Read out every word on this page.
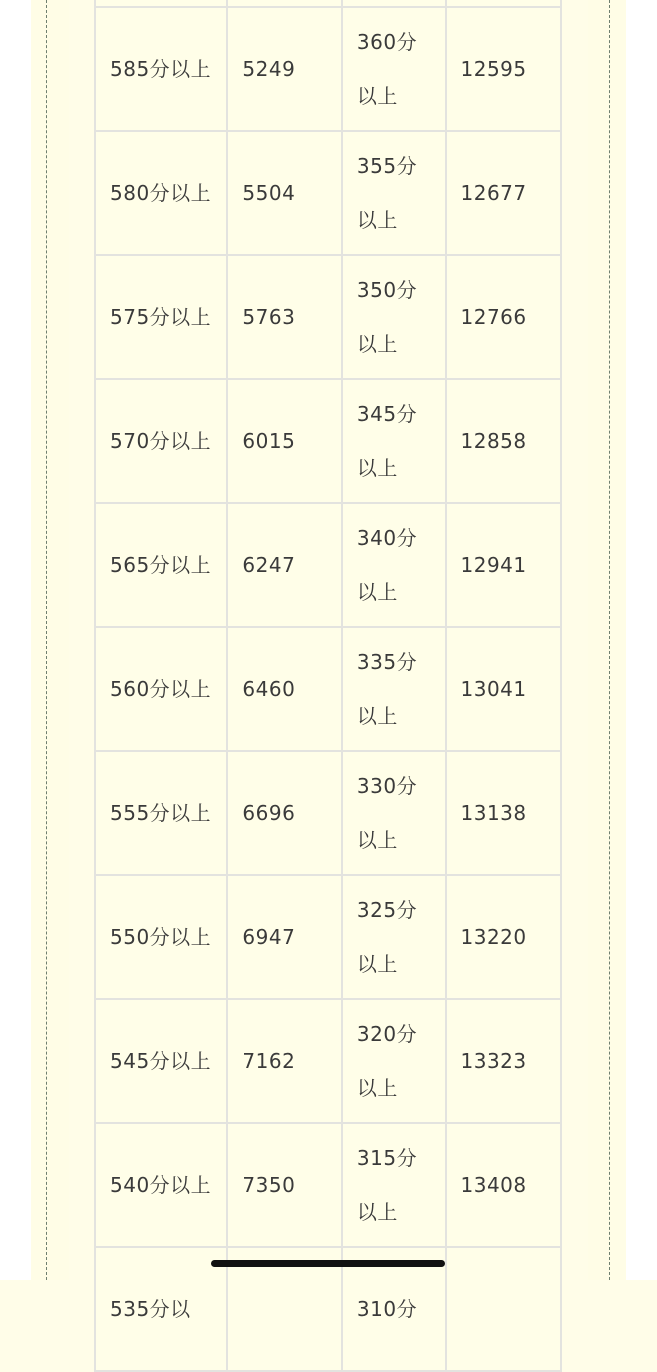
585分以上	5249	360分以上	12595

580分以上	5504	355分以上	12677

575分以上	5763	350分以上	12766

570分以上	6015	345分以上	12858

565分以上	6247	340分以上	12941

560分以上	6460	335分以上	13041

555分以上	6696	330分以上	13138

550分以上	6947	325分以上	13220

545分以上	7162	320分以上	13323

540分以上	7350	315分以上	13408

535分以		310分	
